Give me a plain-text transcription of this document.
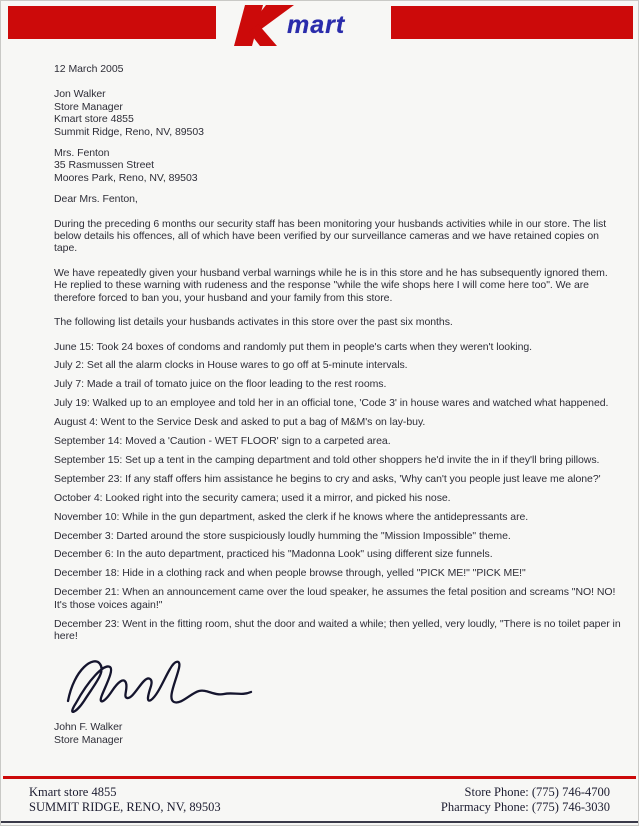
mart

12 March 2005

Jon Walker

Store Manager

Kmart store 4855

Summit Ridge, Reno, NV, 89503

Mrs. Fenton

35 Rasmussen Street

Moores Park, Reno, NV, 89503

Dear Mrs. Fenton,

During the preceding 6 months our security staff has been monitoring your husbands activities while in our store. The list below details his offences, all of which have been verified by our surveillance cameras and we have retained copies on tape.

We have repeatedly given your husband verbal warnings while he is in this store and he has subsequently ignored them. He replied to these warning with rudeness and the response "while the wife shops here I will come here too". We are therefore forced to ban you, your husband and your family from this store.

The following list details your husbands activates in this store over the past six months.

June 15: Took 24 boxes of condoms and randomly put them in people's carts when they weren't looking.

July 2: Set all the alarm clocks in House wares to go off at 5-minute intervals.

July 7: Made a trail of tomato juice on the floor leading to the rest rooms.

July 19: Walked up to an employee and told her in an official tone, 'Code 3' in house wares and watched what happened.

August 4: Went to the Service Desk and asked to put a bag of M&M's on lay-buy.

September 14: Moved a 'Caution - WET FLOOR' sign to a carpeted area.

September 15: Set up a tent in the camping department and told other shoppers he'd invite the in if they'll bring pillows.

September 23: If any staff offers him assistance he begins to cry and asks, 'Why can't you people just leave me alone?'

October 4: Looked right into the security camera; used it a mirror, and picked his nose.

November 10: While in the gun department, asked the clerk if he knows where the antidepressants are.

December 3: Darted around the store suspiciously loudly humming the "Mission Impossible" theme.

December 6: In the auto department, practiced his "Madonna Look" using different size funnels.

December 18: Hide in a clothing rack and when people browse through, yelled "PICK ME!" "PICK ME!"

December 21: When an announcement came over the loud speaker, he assumes the fetal position and screams "NO! NO! It's those voices again!"

December 23: Went in the fitting room, shut the door and waited a while; then yelled, very loudly, "There is no toilet paper in here!

John F. Walker

Store Manager

Kmart store 4855

SUMMIT RIDGE, RENO, NV, 89503

Store Phone: (775) 746-4700

Pharmacy Phone: (775) 746-3030
